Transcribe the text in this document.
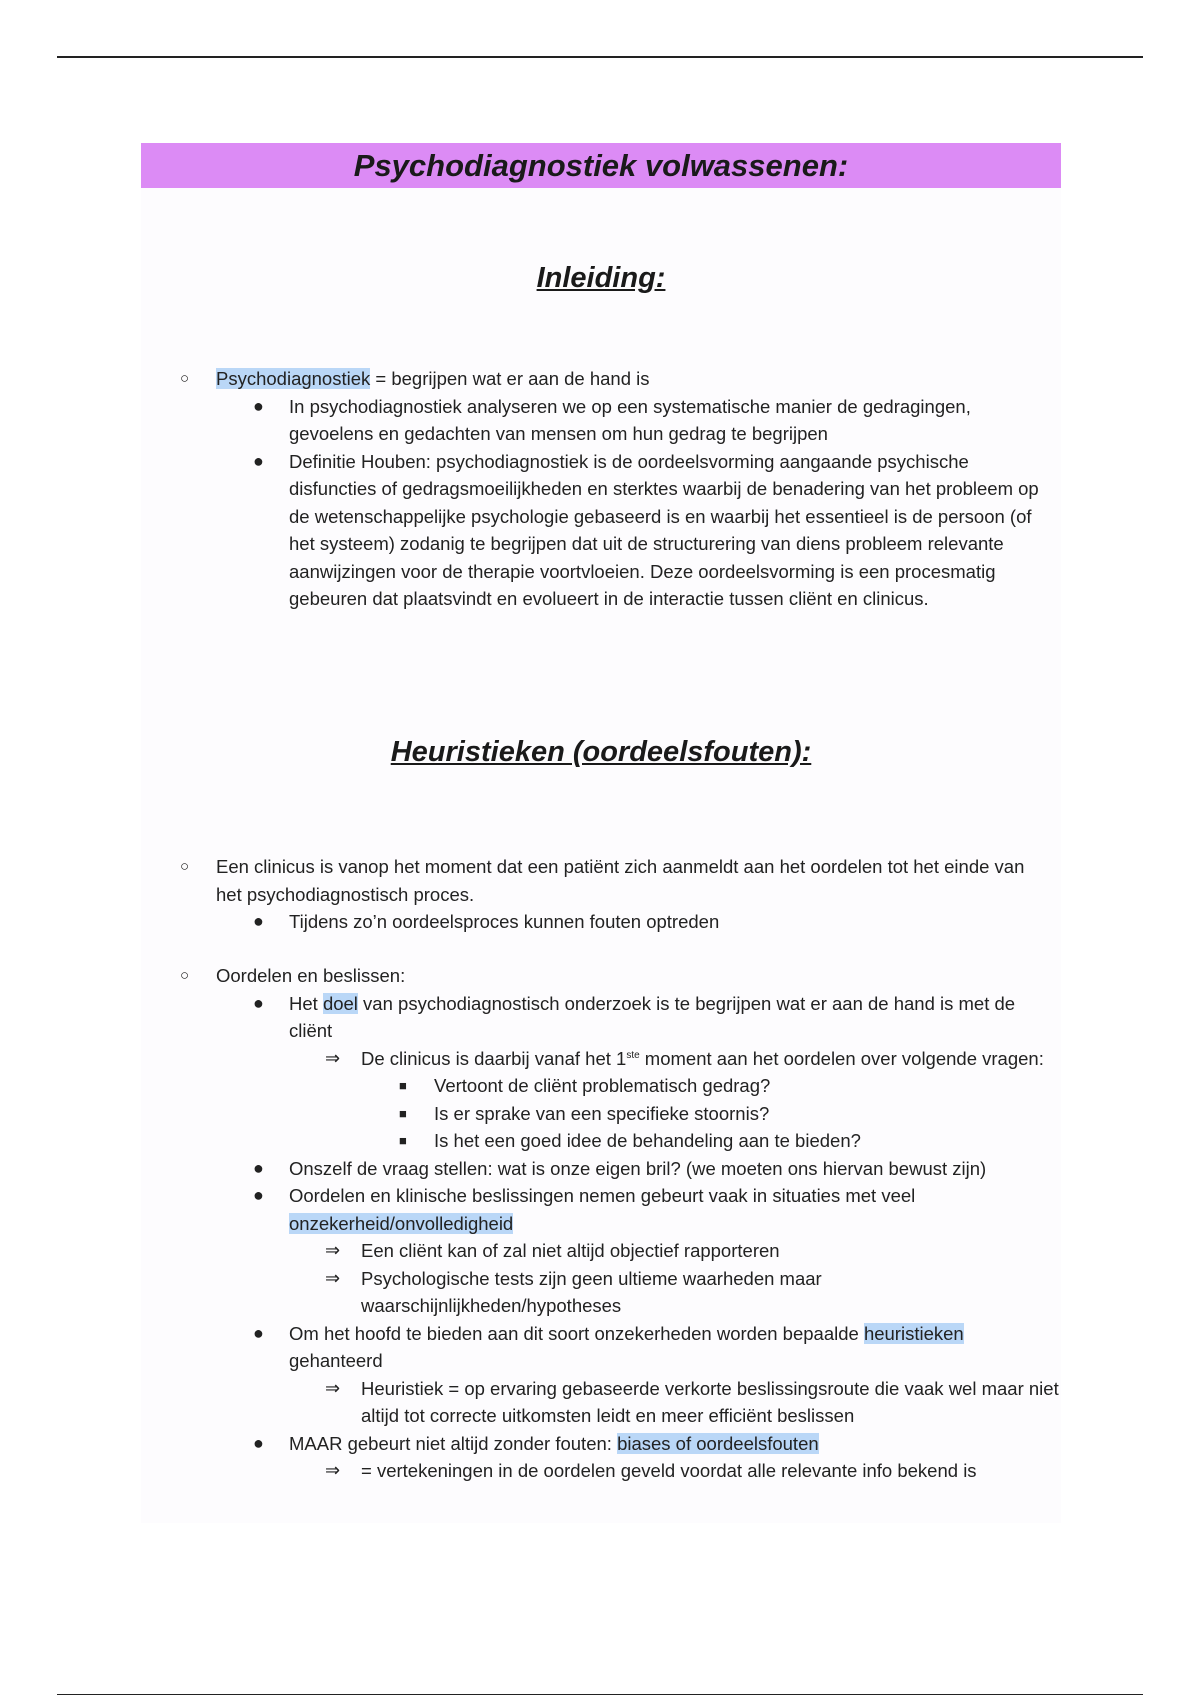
Psychodiagnostiek volwassenen:
Inleiding:
○ Psychodiagnostiek = begrijpen wat er aan de hand is
● In psychodiagnostiek analyseren we op een systematische manier de gedragingen, gevoelens en gedachten van mensen om hun gedrag te begrijpen
● Definitie Houben: psychodiagnostiek is de oordeelsvorming aangaande psychische disfuncties of gedragsmoeilijkheden en sterktes waarbij de benadering van het probleem op de wetenschappelijke psychologie gebaseerd is en waarbij het essentieel is de persoon (of het systeem) zodanig te begrijpen dat uit de structurering van diens probleem relevante aanwijzingen voor de therapie voortvloeien. Deze oordeelsvorming is een procesmatig gebeuren dat plaatsvindt en evolueert in de interactie tussen cliënt en clinicus.
Heuristieken (oordeelsfouten):
○ Een clinicus is vanop het moment dat een patiënt zich aanmeldt aan het oordelen tot het einde van het psychodiagnostisch proces.
● Tijdens zo’n oordeelsproces kunnen fouten optreden
○ Oordelen en beslissen:
● Het doel van psychodiagnostisch onderzoek is te begrijpen wat er aan de hand is met de cliënt
⇒ De clinicus is daarbij vanaf het 1ste moment aan het oordelen over volgende vragen:
■ Vertoont de cliënt problematisch gedrag?
■ Is er sprake van een specifieke stoornis?
■ Is het een goed idee de behandeling aan te bieden?
● Onszelf de vraag stellen: wat is onze eigen bril? (we moeten ons hiervan bewust zijn)
● Oordelen en klinische beslissingen nemen gebeurt vaak in situaties met veel onzekerheid/onvolledigheid
⇒ Een cliënt kan of zal niet altijd objectief rapporteren
⇒ Psychologische tests zijn geen ultieme waarheden maar waarschijnlijkheden/hypotheses
● Om het hoofd te bieden aan dit soort onzekerheden worden bepaalde heuristieken gehanteerd
⇒ Heuristiek = op ervaring gebaseerde verkorte beslissingsroute die vaak wel maar niet altijd tot correcte uitkomsten leidt en meer efficiënt beslissen
● MAAR gebeurt niet altijd zonder fouten: biases of oordeelsfouten
⇒ = vertekeningen in de oordelen geveld voordat alle relevante info bekend is
